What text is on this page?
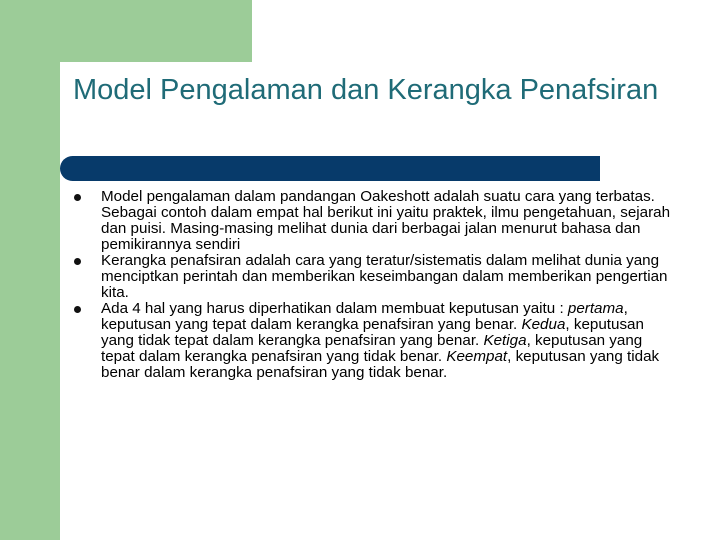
Model Pengalaman dan Kerangka Penafsiran
Model pengalaman dalam pandangan Oakeshott adalah suatu cara yang terbatas. Sebagai contoh dalam empat hal berikut ini yaitu praktek, ilmu pengetahuan, sejarah dan puisi. Masing-masing melihat dunia dari berbagai jalan menurut bahasa dan pemikirannya sendiri
Kerangka penafsiran adalah cara yang teratur/sistematis dalam melihat dunia yang menciptkan perintah dan memberikan keseimbangan dalam memberikan pengertian kita.
Ada 4 hal yang harus diperhatikan dalam membuat keputusan yaitu : pertama, keputusan yang tepat dalam kerangka penafsiran yang benar. Kedua, keputusan yang tidak tepat dalam kerangka penafsiran yang benar. Ketiga, keputusan yang tepat dalam kerangka penafsiran yang tidak benar. Keempat, keputusan yang tidak benar dalam kerangka penafsiran yang tidak benar.
